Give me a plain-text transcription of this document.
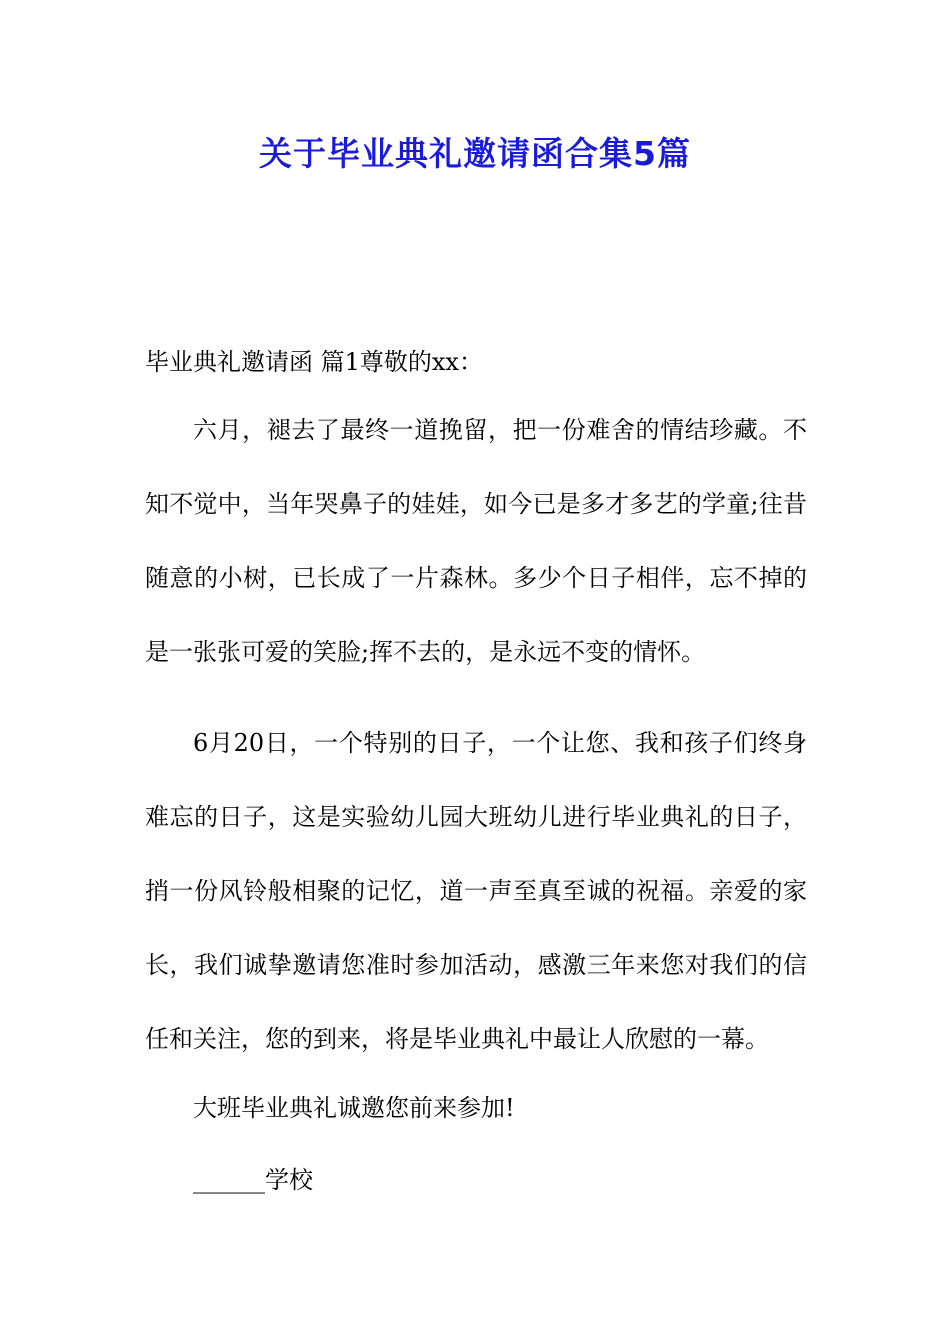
关于毕业典礼邀请函合集5篇
毕业典礼邀请函 篇1尊敬的xx：

六月，褪去了最终一道挽留，把一份难舍的情结珍藏。不知不觉中，当年哭鼻子的娃娃，如今已是多才多艺的学童;往昔随意的小树，已长成了一片森林。多少个日子相伴，忘不掉的是一张张可爱的笑脸;挥不去的，是永远不变的情怀。

6月20日，一个特别的日子，一个让您、我和孩子们终身难忘的日子，这是实验幼儿园大班幼儿进行毕业典礼的日子，捎一份风铃般相聚的记忆，道一声至真至诚的祝福。亲爱的家长，我们诚挚邀请您准时参加活动，感激三年来您对我们的信任和关注，您的到来，将是毕业典礼中最让人欣慰的一幕。

大班毕业典礼诚邀您前来参加!
______学校
